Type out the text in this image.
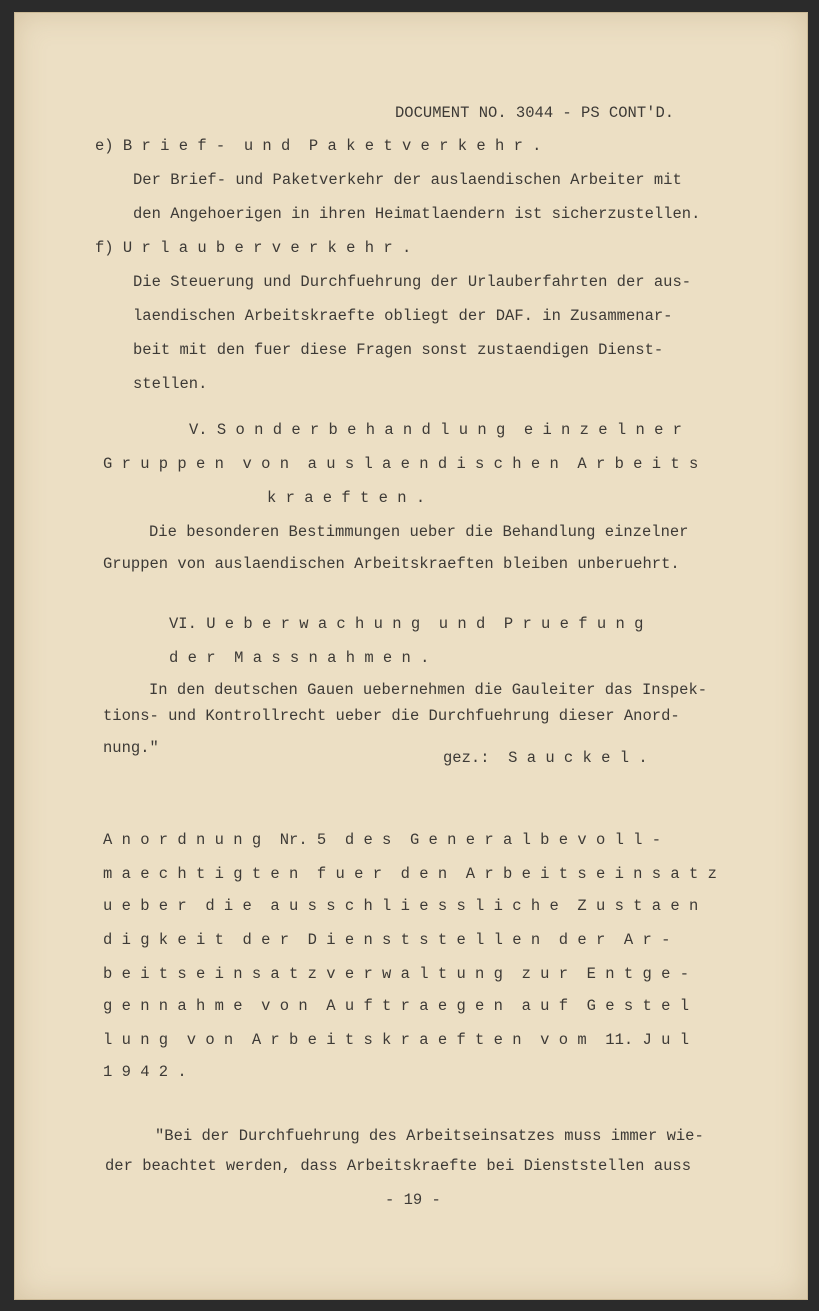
DOCUMENT NO. 3044 - PS CONT'D.
e) B r i e f -  u n d  P a k e t v e r k e h r .
Der Brief- und Paketverkehr der auslaendischen Arbeiter mit
den Angehoerigen in ihren Heimatlaendern ist sicherzustellen.
f) U r l a u b e r v e r k e h r .
Die Steuerung und Durchfuehrung der Urlauberfahrten der aus-
laendischen Arbeitskraefte obliegt der DAF. in Zusammenar-
beit mit den fuer diese Fragen sonst zustaendigen Dienst-
stellen.
V. S o n d e r b e h a n d l u n g  e i n z e l n e r
G r u p p e n  v o n  a u s l a e n d i s c h e n  A r b e i t s
k r a e f t e n .
Die besonderen Bestimmungen ueber die Behandlung einzelner
Gruppen von auslaendischen Arbeitskraeften bleiben unberuehrt.
VI. U e b e r w a c h u n g  u n d  P r u e f u n g
d e r  M a s s n a h m e n .
In den deutschen Gauen uebernehmen die Gauleiter das Inspek-
tions- und Kontrollrecht ueber die Durchfuehrung dieser Anord-
nung."
gez.:  S a u c k e l .
A n o r d n u n g  Nr. 5  d e s  G e n e r a l b e v o l l -
m a e c h t i g t e n  f u e r  d e n  A r b e i t s e i n s a t z
u e b e r  d i e  a u s s c h l i e s s l i c h e  Z u s t a e n
d i g k e i t  d e r  D i e n s t s t e l l e n  d e r  A r -
b e i t s e i n s a t z v e r w a l t u n g  z u r  E n t g e -
g e n n a h m e  v o n  A u f t r a e g e n  a u f  G e s t e l
l u n g  v o n  A r b e i t s k r a e f t e n  v o m  11. J u l
1 9 4 2 .
"Bei der Durchfuehrung des Arbeitseinsatzes muss immer wie-
der beachtet werden, dass Arbeitskraefte bei Dienststellen auss
- 19 -
